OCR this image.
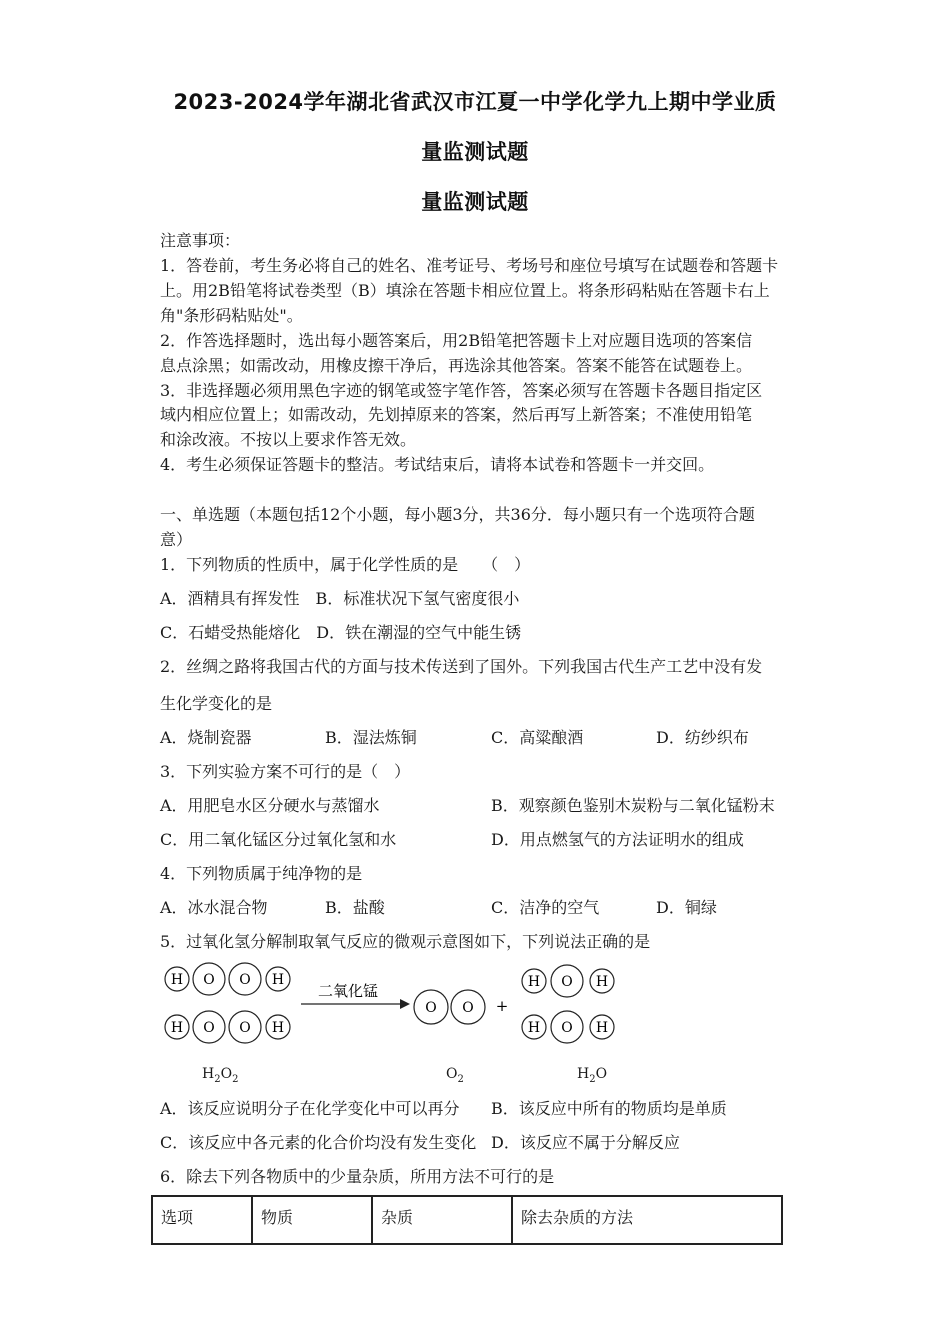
2023-2024学年湖北省武汉市江夏一中学化学九上期中学业质
量监测试题
量监测试题
注意事项：
1．答卷前，考生务必将自己的姓名、准考证号、考场号和座位号填写在试题卷和答题卡
上。用2B铅笔将试卷类型（B）填涂在答题卡相应位置上。将条形码粘贴在答题卡右上
角"条形码粘贴处"。
2．作答选择题时，选出每小题答案后，用2B铅笔把答题卡上对应题目选项的答案信
息点涂黑；如需改动，用橡皮擦干净后，再选涂其他答案。答案不能答在试题卷上。
3．非选择题必须用黑色字迹的钢笔或签字笔作答，答案必须写在答题卡各题目指定区
域内相应位置上；如需改动，先划掉原来的答案，然后再写上新答案；不准使用铅笔
和涂改液。不按以上要求作答无效。
4．考生必须保证答题卡的整洁。考试结束后，请将本试卷和答题卡一并交回。
一、单选题（本题包括12个小题，每小题3分，共36分．每小题只有一个选项符合题
意）
1．下列物质的性质中，属于化学性质的是　　（　）
A．酒精具有挥发性　B．标准状况下氢气密度很小
C．石蜡受热能熔化　D．铁在潮湿的空气中能生锈
2．丝绸之路将我国古代的方面与技术传送到了国外。下列我国古代生产工艺中没有发
生化学变化的是
A．烧制瓷器	B．湿法炼铜	C．高粱酿酒	D．纺纱织布
3．下列实验方案不可行的是（　）
A．用肥皂水区分硬水与蒸馏水	B．观察颜色鉴别木炭粉与二氧化锰粉末
C．用二氧化锰区分过氧化氢和水	D．用点燃氢气的方法证明水的组成
4．下列物质属于纯净物的是
A．冰水混合物	B．盐酸	C．洁净的空气	D．铜绿
5．过氧化氢分解制取氧气反应的微观示意图如下，下列说法正确的是
H O O H
H O O H
二氧化锰
O O +
H O H
H O H
$H_2O_2$	$O_2$	$H_2O$
A．该反应说明分子在化学变化中可以再分 B．该反应中所有的物质均是单质
C．该反应中各元素的化合价均没有发生变化 D．该反应不属于分解反应
6．除去下列各物质中的少量杂质，所用方法不可行的是
选项	物质	杂质	除去杂质的方法
